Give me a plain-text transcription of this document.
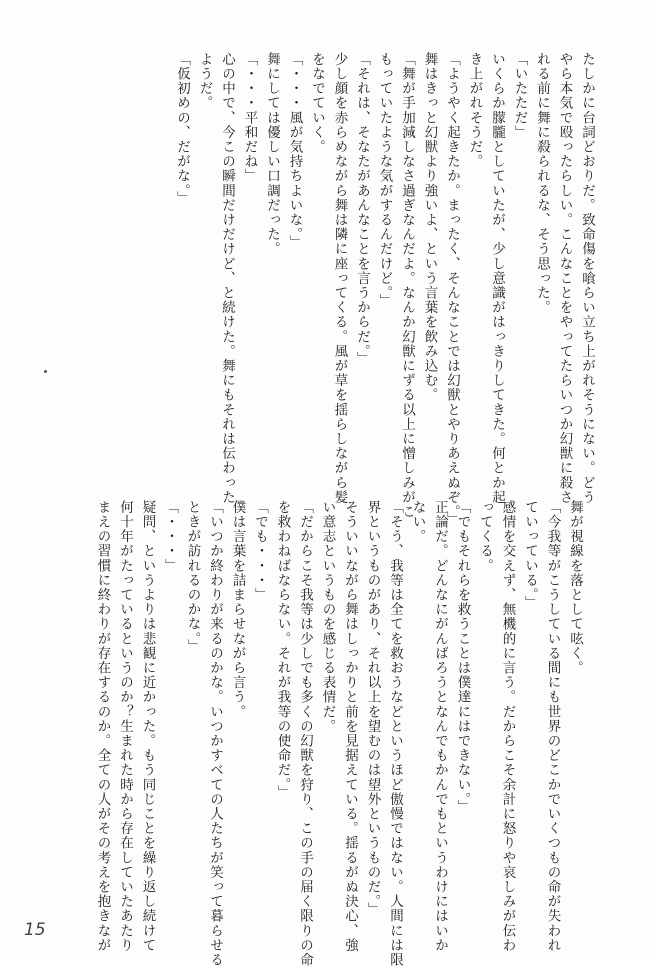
たしかに台詞どおりだ。致命傷を喰らい立ち上がれそうにない。どう
やら本気で殴ったらしい。こんなことをやってたらいつか幻獣に殺さ
れる前に舞に殺られるな、そう思った。
「いたただ」
いくらか朦朧としていたが、少し意識がはっきりしてきた。何とか起
き上がれそうだ。
「ようやく起きたか。まったく、そんなことでは幻獣とやりあえぬぞ。」
舞はきっと幻獣より強いよ、という言葉を飲み込む。
「舞が手加減しなさ過ぎなんだよ。なんか幻獣にずる以上に憎しみがこ
もっていたような気がするんだけど。」
「それは、そなたがあんなことを言うからだ。」
少し顔を赤らめながら舞は隣に座ってくる。風が草を揺らしながら髪
をなでていく。
「・・・風が気持ちよいな。」
舞にしては優しい口調だった。
「・・・平和だね」
心の中で、今この瞬間だけだけど、と続けた。舞にもそれは伝わった
ようだ。
「仮初めの、だがな。」
舞が視線を落として呟く。
「今我等がこうしている間にも世界のどこかでいくつもの命が失われ
ていっている。」
感情を交えず、無機的に言う。だからこそ余計に怒りや哀しみが伝わ
ってくる。
「でもそれらを救うことは僕達にはできない。」
正論だ。どんなにがんばろうとなんでもかんでもというわけにはいか
ない。
「そう、我等は全てを救おうなどというほど傲慢ではない。人間には限
界というものがあり、それ以上を望むのは望外というものだ。」
そういいながら舞はしっかりと前を見据えている。揺るがぬ決心、強
い意志というものを感じる表情だ。
「だからこそ我等は少しでも多くの幻獣を狩り、この手の届く限りの命
を救わねばならない。それが我等の使命だ。」
「でも・・・」
僕は言葉を詰まらせながら言う。
「いつか終わりが来るのかな。いつかすべての人たちが笑って暮らせる
ときが訪れるのかな。」
「・・・」
疑問、というよりは悲観に近かった。もう同じことを繰り返し続けて
何十年がたっているというのか？生まれた時から存在していたあたり
まえの習慣に終わりが存在するのか。全ての人がその考えを抱きなが
15
